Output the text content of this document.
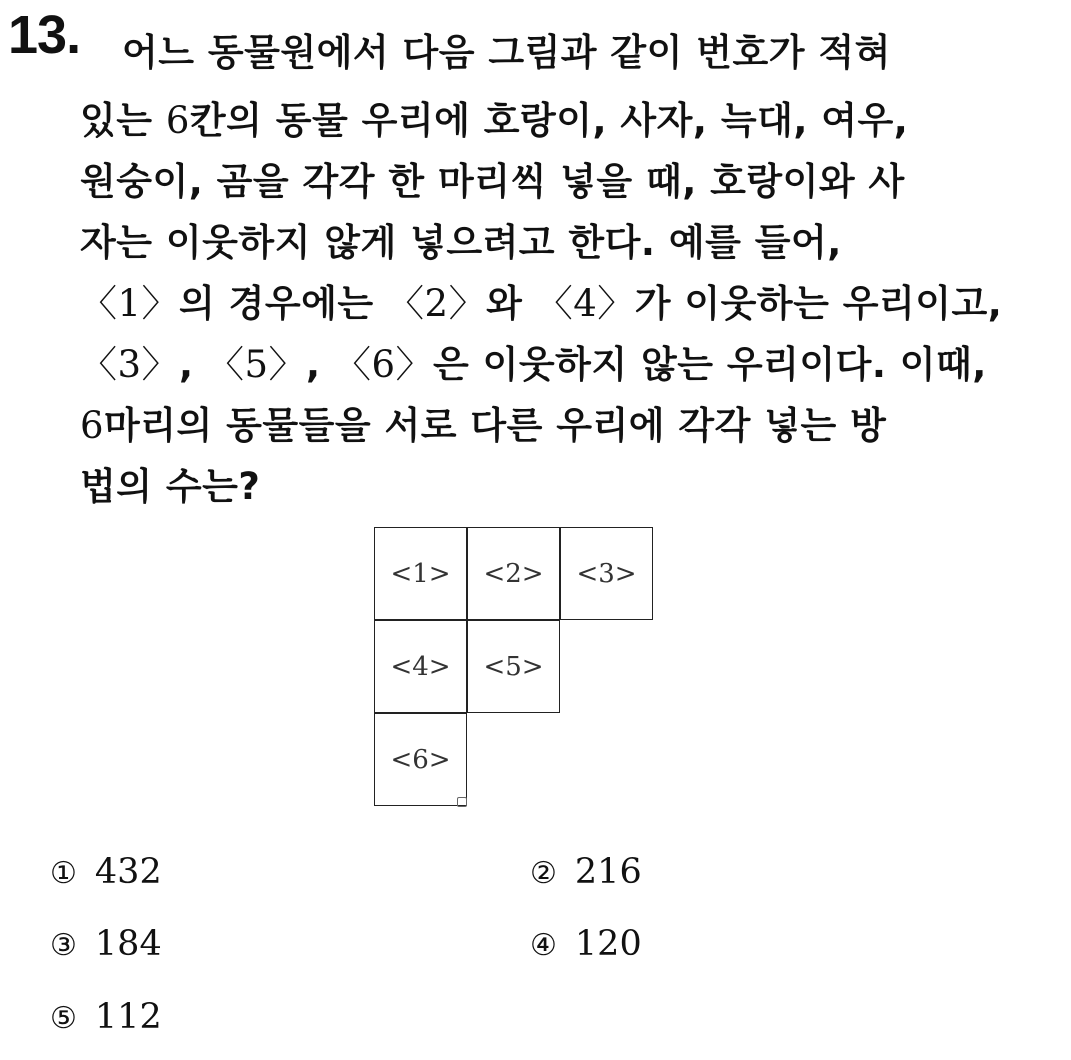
13. 어느 동물원에서 다음 그림과 같이 번호가 적혀
있는 6칸의 동물 우리에 호랑이, 사자, 늑대, 여우,
원숭이, 곰을 각각 한 마리씩 넣을 때, 호랑이와 사
자는 이웃하지 않게 넣으려고 한다. 예를 들어,
〈1〉의 경우에는 〈2〉와 〈4〉가 이웃하는 우리이고,
〈3〉, 〈5〉, 〈6〉은 이웃하지 않는 우리이다. 이때,
6마리의 동물들을 서로 다른 우리에 각각 넣는 방
법의 수는?
<1>	<2>	<3>
<4>	<5>
<6>
① 432	② 216
③ 184	④ 120
⑤ 112
